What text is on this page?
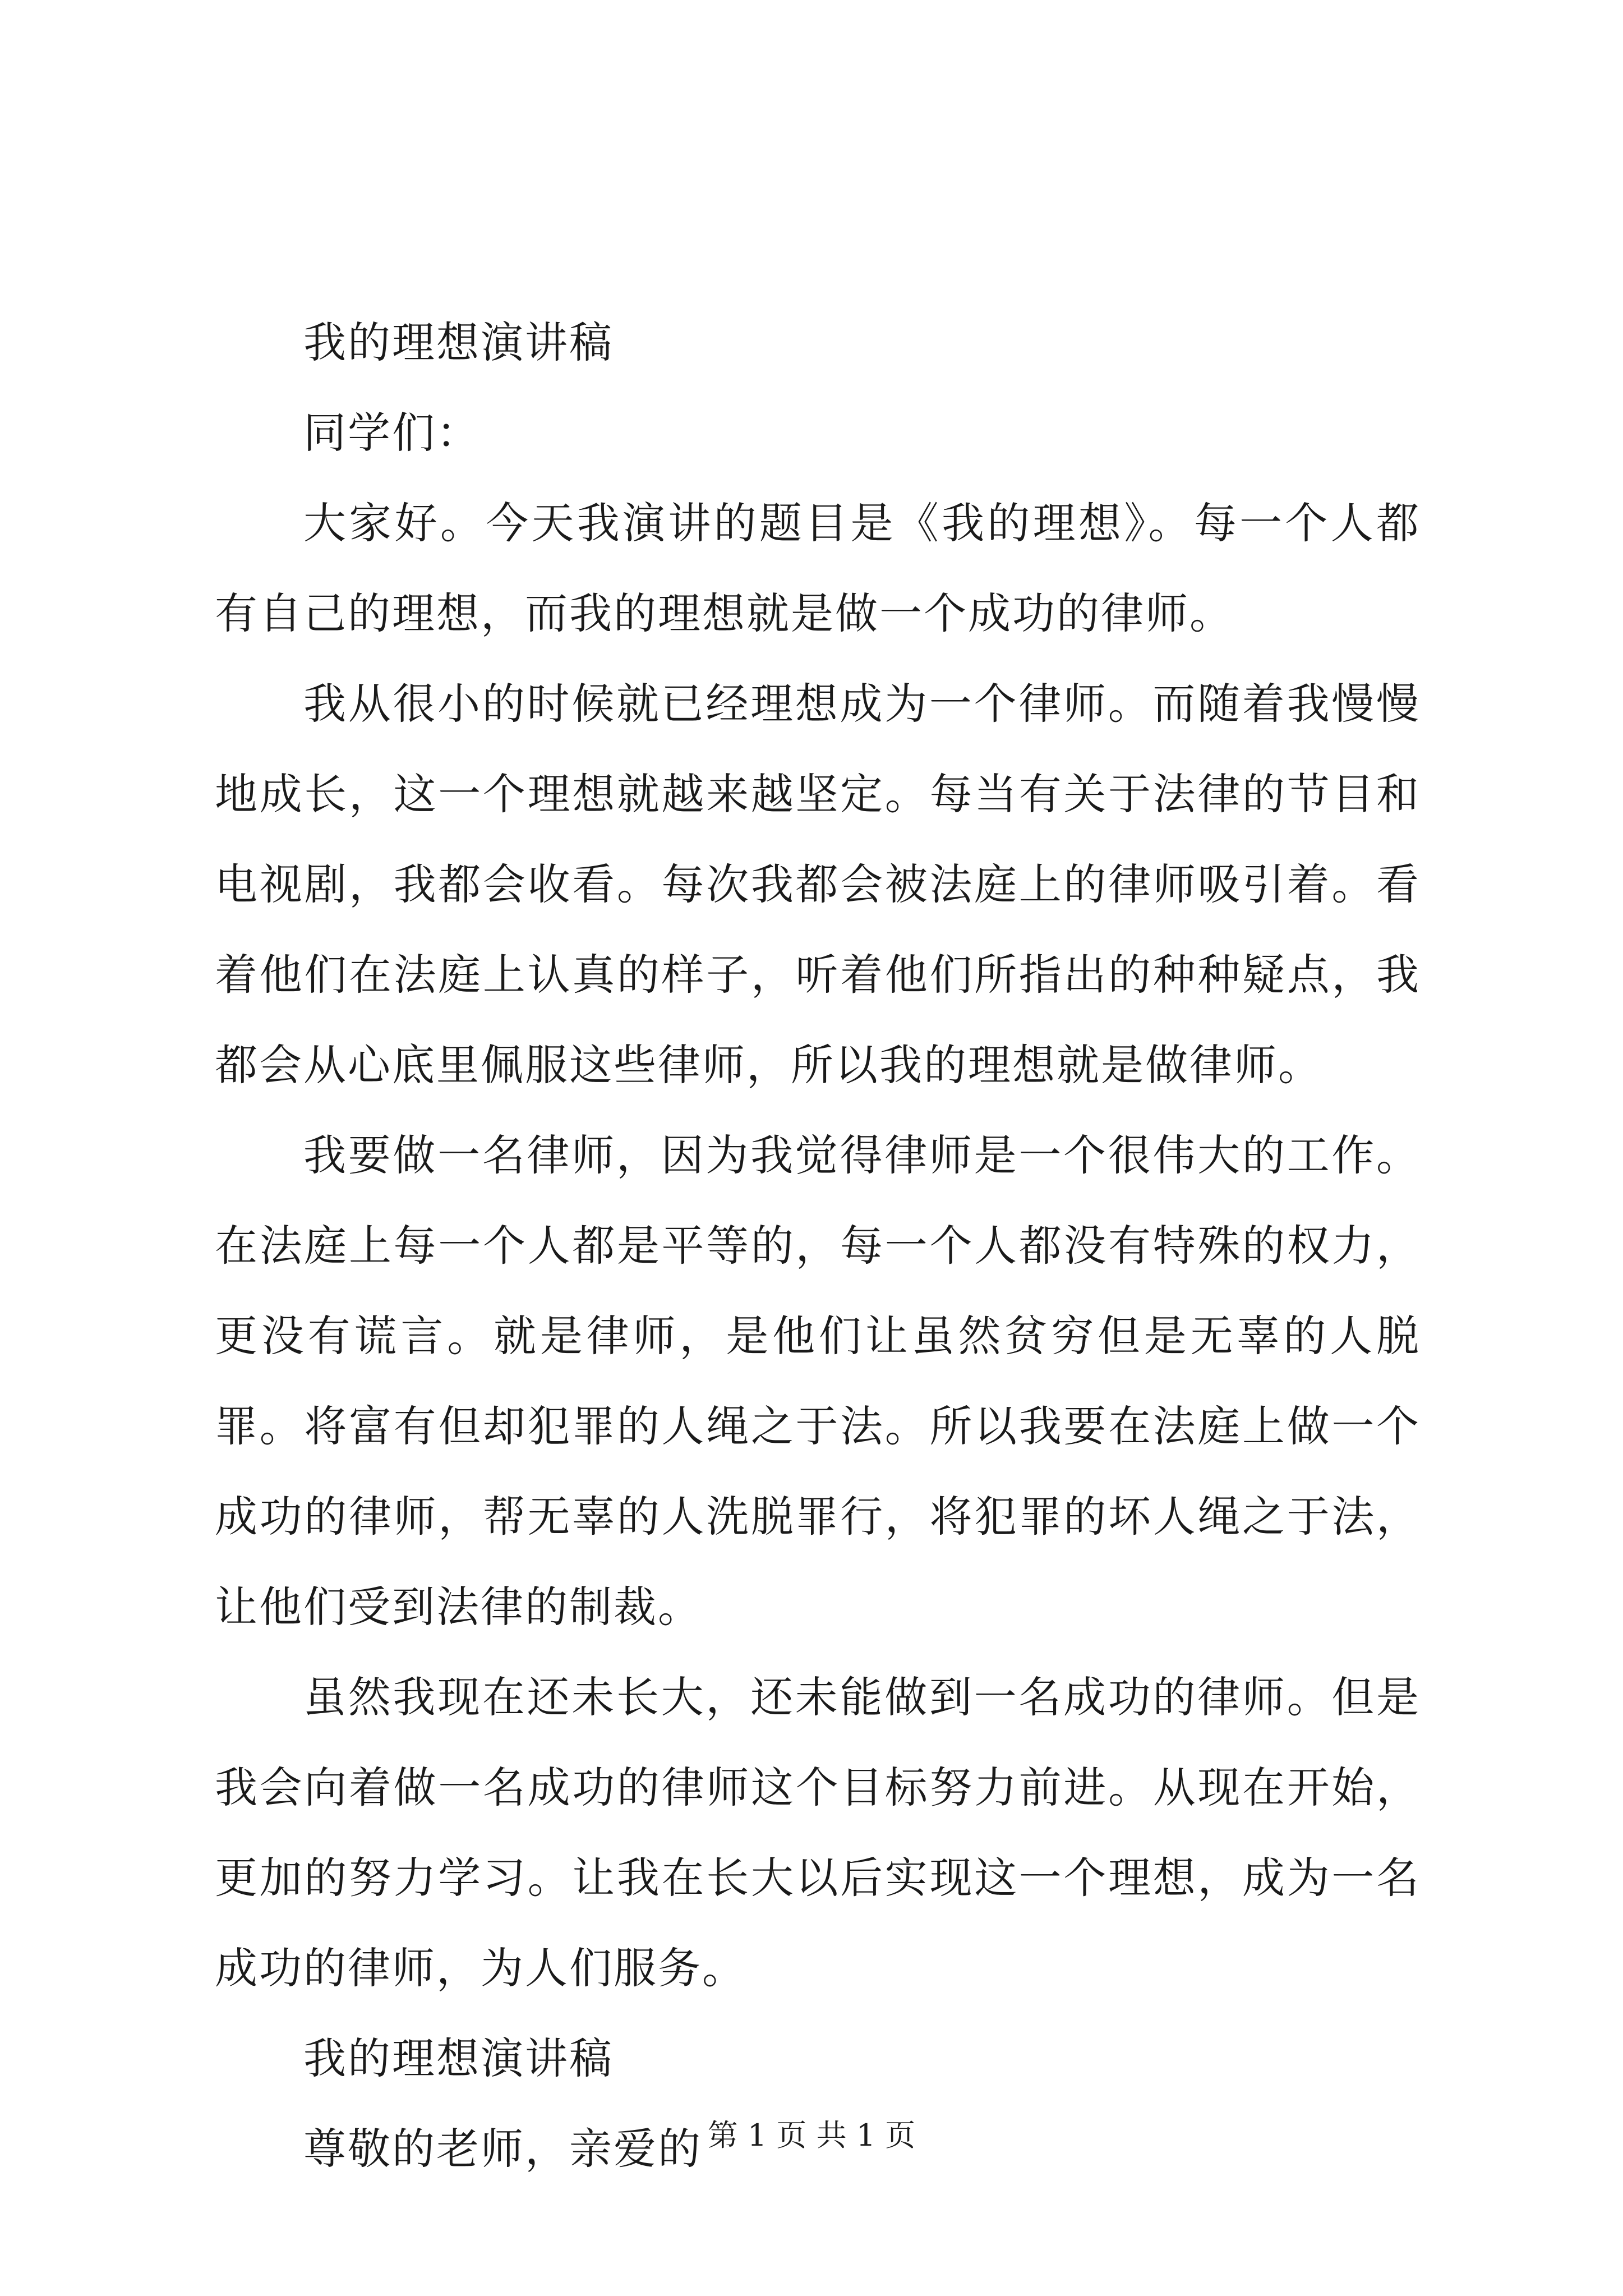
我的理想演讲稿

同学们：

大家好。今天我演讲的题目是《我的理想》。每一个人都有自己的理想，而我的理想就是做一个成功的律师。

我从很小的时候就已经理想成为一个律师。而随着我慢慢地成长，这一个理想就越来越坚定。每当有关于法律的节目和电视剧，我都会收看。每次我都会被法庭上的律师吸引着。看着他们在法庭上认真的样子，听着他们所指出的种种疑点，我都会从心底里佩服这些律师，所以我的理想就是做律师。

我要做一名律师，因为我觉得律师是一个很伟大的工作。在法庭上每一个人都是平等的，每一个人都没有特殊的权力，更没有谎言。就是律师，是他们让虽然贫穷但是无辜的人脱罪。将富有但却犯罪的人绳之于法。所以我要在法庭上做一个成功的律师，帮无辜的人洗脱罪行，将犯罪的坏人绳之于法，让他们受到法律的制裁。

虽然我现在还未长大，还未能做到一名成功的律师。但是我会向着做一名成功的律师这个目标努力前进。从现在开始，更加的努力学习。让我在长大以后实现这一个理想，成为一名成功的律师，为人们服务。

我的理想演讲稿

尊敬的老师，亲爱的 第 1 页 共 1 页
